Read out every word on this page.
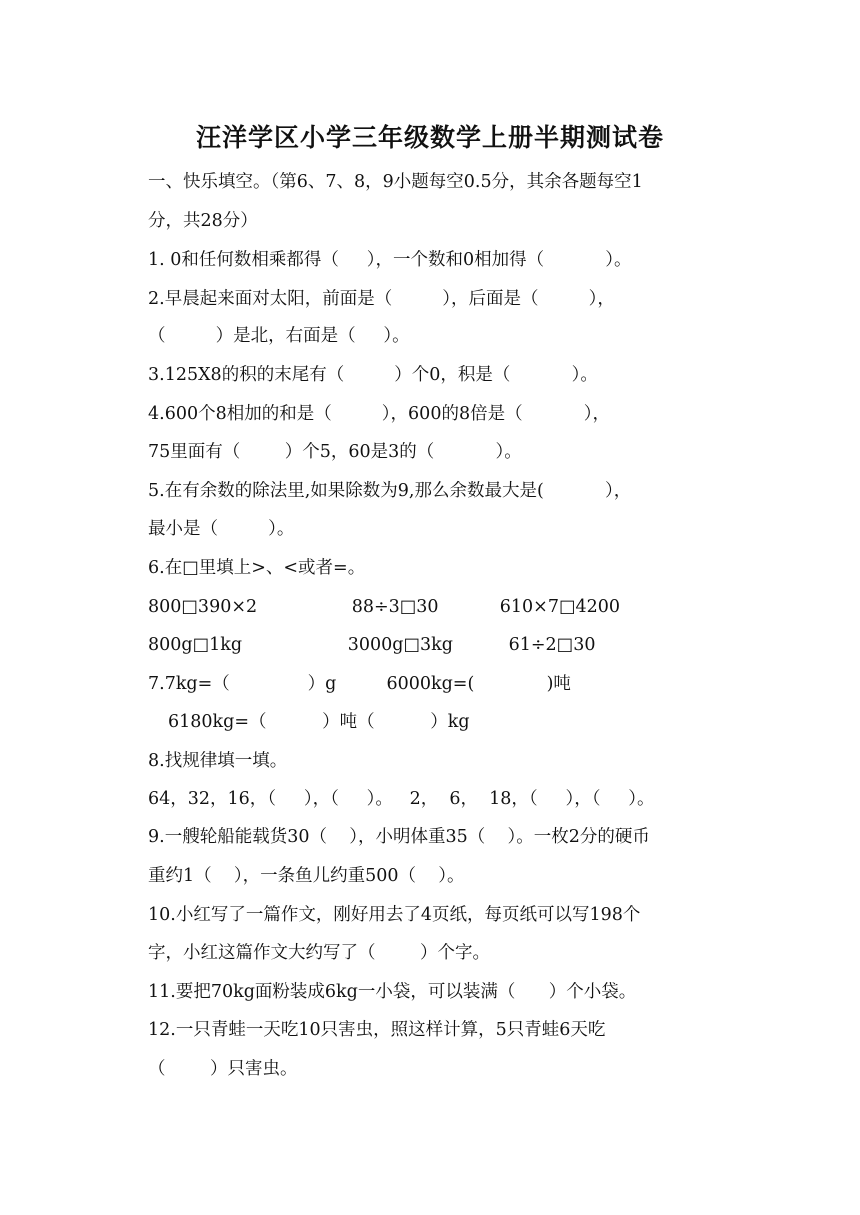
汪洋学区小学三年级数学上册半期测试卷
一、快乐填空。（第6、7、8，9小题每空0.5分，其余各题每空1
分，共28分）
1. 0和任何数相乘都得（     ），一个数和0相加得（           ）。
2.早晨起来面对太阳，前面是（         ），后面是（         ），
（         ）是北，右面是（     ）。
3.125X8的积的末尾有（         ）个0，积是（           ）。
4.600个8相加的和是（         ），600的8倍是（           ），
75里面有（        ）个5，60是3的（           ）。
5.在有余数的除法里,如果除数为9,那么余数最大是(           ），
最小是（         ）。
6.在□里填上>、<或者=。
800□390×2                 88÷3□30           610×7□4200
800g□1kg                   3000g□3kg          61÷2□30
7.7kg=（              ）g         6000kg=(             )吨
6180kg=（          ）吨（          ）kg
8.找规律填一填。
64，32，16，（     ），（     ）。   2，  6，  18，（     ），（     ）。
9.一艘轮船能载货30（    ），小明体重35（    ）。一枚2分的硬币
重约1（    ），一条鱼儿约重500（    ）。
10.小红写了一篇作文，刚好用去了4页纸，每页纸可以写198个
字，小红这篇作文大约写了（        ）个字。
11.要把70kg面粉装成6kg一小袋，可以装满（      ）个小袋。
12.一只青蛙一天吃10只害虫，照这样计算，5只青蛙6天吃
（        ）只害虫。
